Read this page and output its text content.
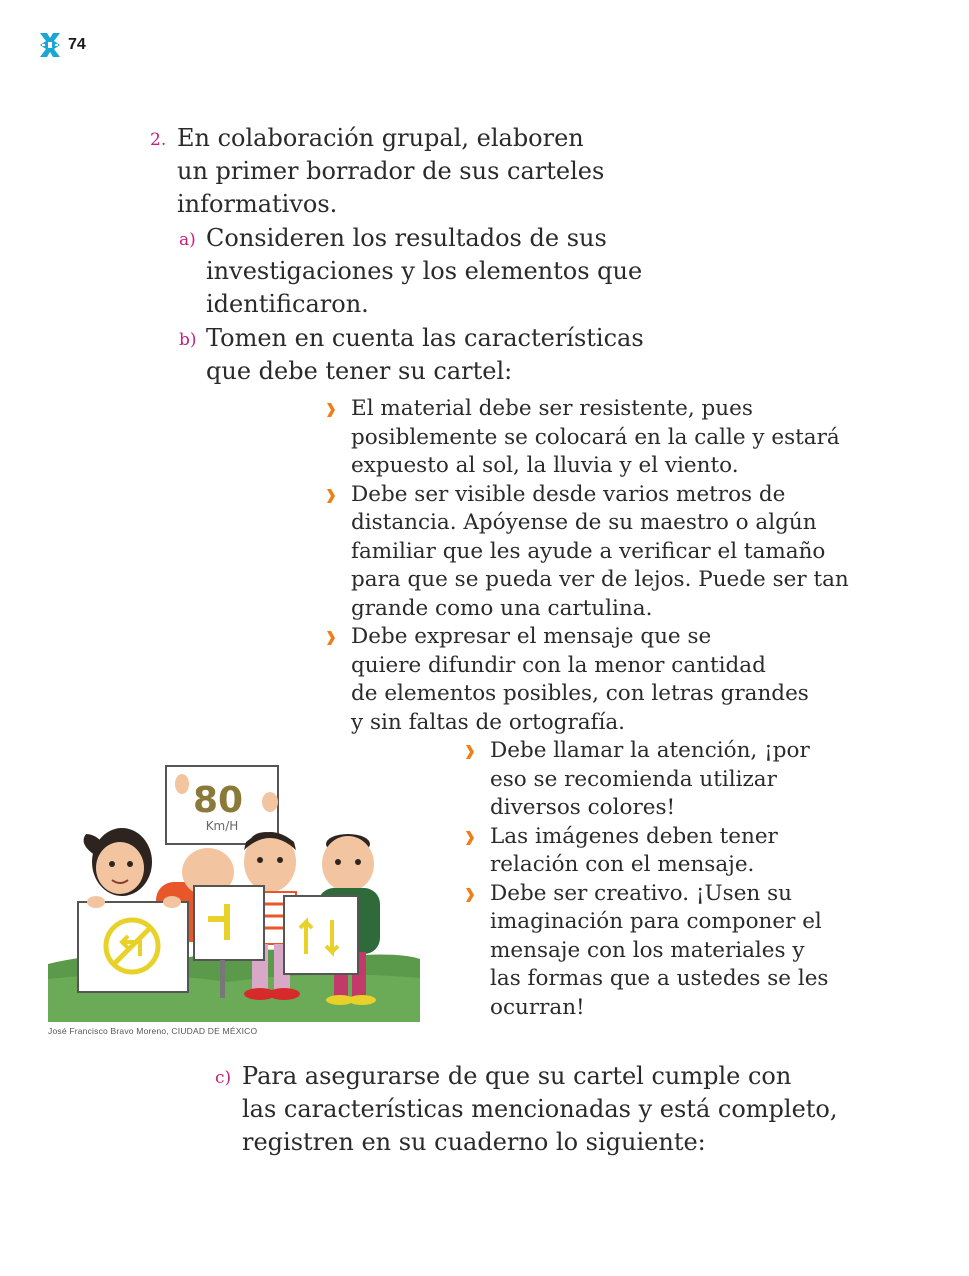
74
2. En colaboración grupal, elaboren
un primer borrador de sus carteles
informativos.
a) Consideren los resultados de sus
investigaciones y los elementos que
identificaron.
b) Tomen en cuenta las características
que debe tener su cartel:
El material debe ser resistente, pues
posiblemente se colocará en la calle y estará
expuesto al sol, la lluvia y el viento.
Debe ser visible desde varios metros de
distancia. Apóyense de su maestro o algún
familiar que les ayude a verificar el tamaño
para que se pueda ver de lejos. Puede ser tan
grande como una cartulina.
Debe expresar el mensaje que se
quiere difundir con la menor cantidad
de elementos posibles, con letras grandes
y sin faltas de ortografía.
Debe llamar la atención, ¡por
eso se recomienda utilizar
diversos colores!
Las imágenes deben tener
relación con el mensaje.
Debe ser creativo. ¡Usen su
imaginación para componer el
mensaje con los materiales y
las formas que a ustedes se les
ocurran!
80
Km/H
José Francisco Bravo Moreno, CIUDAD DE MÉXICO
c) Para asegurarse de que su cartel cumple con
las características mencionadas y está completo,
registren en su cuaderno lo siguiente:
